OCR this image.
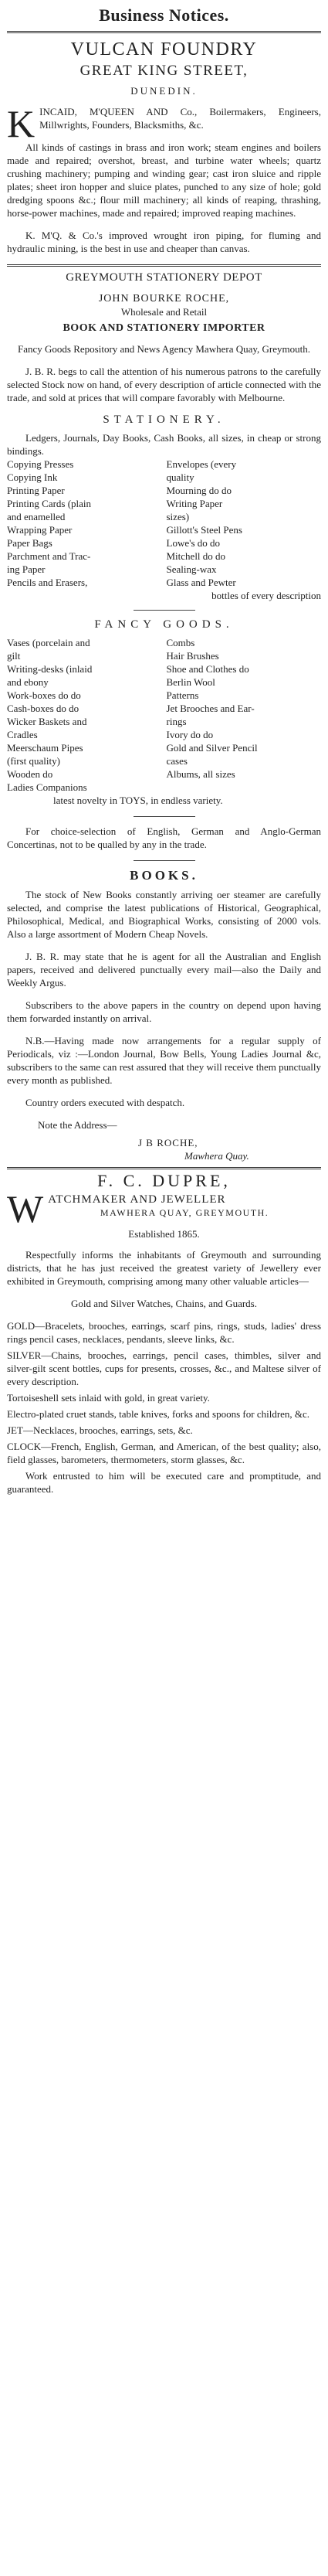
Business Notices.
VULCAN FOUNDRY
GREAT KING STREET,
DUNEDIN.
K INCAID, M'QUEEN AND Co., Boilermakers, Engineers, Millwrights, Founders, Blacksmiths, &c.
All kinds of castings in brass and iron work; steam engines and boilers made and repaired; overshot, breast, and turbine water wheels; quartz crushing machinery; pumping and winding gear; cast iron sluice and ripple plates; sheet iron hopper and sluice plates, punched to any size of hole; gold dredging spoons &c.; flour mill machinery; all kinds of reaping, thrashing, horse-power machines, made and repaired; improved reaping machines.
K. M'Q. & Co.'s improved wrought iron piping, for fluming and hydraulic mining, is the best in use and cheaper than canvas.
GREYMOUTH STATIONERY DEPOT
JOHN BOURKE ROCHE,
Wholesale and Retail
BOOK AND STATIONERY IMPORTER
Fancy Goods Repository and News Agency Mawhera Quay, Greymouth.
J. B. R. begs to call the attention of his numerous patrons to the carefully selected Stock now on hand, of every description of article connected with the trade, and sold at prices that will compare favorably with Melbourne.
STATIONERY.
Ledgers, Journals, Day Books, Cash Books, all sizes, in cheap or strong bindings.
Copying Presses	Envelopes (every
Copying Ink	quality
Printing Paper	Mourning do do
Printing Cards (plain	Writing Paper
and enamelled	sizes)
Wrapping Paper	Gillott's Steel Pens
Paper Bags	Lowe's do do
Parchment and Trac-	Mitchell do do
ing Paper	Sealing-wax
Pencils and Erasers,	Glass and Pewter
bottles of every description
FANCY GOODS.
Vases (porcelain and	Combs
gilt	Hair Brushes
Writing-desks (inlaid	Shoe and Clothes do
and ebony	Berlin Wool
Work-boxes do do	Patterns
Cash-boxes do do	Jet Brooches and Ear-
Wicker Baskets and	rings
Cradles	Ivory do do
Meerschaum Pipes	Gold and Silver Pencil
(first quality)	cases
Wooden do	Albums, all sizes
Ladies Companions
latest novelty in TOYS, in endless variety.
For choice-selection of English, German and Anglo-German Concertinas, not to be qualled by any in the trade.
BOOKS.
The stock of New Books constantly arriving oer steamer are carefully selected, and comprise the latest publications of Historical, Geographical, Philosophical, Medical, and Biographical Works, consisting of 2000 vols. Also a large assortment of Modern Cheap Novels.
J. B. R. may state that he is agent for all the Australian and English papers, received and delivered punctually every mail—also the Daily and Weekly Argus.
Subscribers to the above papers in the country on depend upon having them forwarded instantly on arrival.
N.B.—Having made now arrangements for a regular supply of Periodicals, viz :—London Journal, Bow Bells, Young Ladies Journal &c, subscribers to the same can rest assured that they will receive them punctually every month as published.
Country orders executed with despatch.
Note the Address—
J B ROCHE,
Mawhera Quay.
F. C. DUPRE,
W ATCHMAKER AND JEWELLER
MAWHERA QUAY, GREYMOUTH.
Established 1865.
Respectfully informs the inhabitants of Greymouth and surrounding districts, that he has just received the greatest variety of Jewellery ever exhibited in Greymouth, comprising among many other valuable articles—
Gold and Silver Watches, Chains, and Guards.
GOLD—Bracelets, brooches, earrings, scarf pins, rings, studs, ladies' dress rings pencil cases, necklaces, pendants, sleeve links, &c.
SILVER—Chains, brooches, earrings, pencil cases, thimbles, silver and silver-gilt scent bottles, cups for presents, crosses, &c., and Maltese silver of every description.
Tortoiseshell sets inlaid with gold, in great variety.
Electro-plated cruet stands, table knives, forks and spoons for children, &c.
JET—Necklaces, brooches, earrings, sets, &c.
CLOCK—French, English, German, and American, of the best quality; also, field glasses, barometers, thermometers, storm glasses, &c.
Work entrusted to him will be executed care and promptitude, and guaranteed.
